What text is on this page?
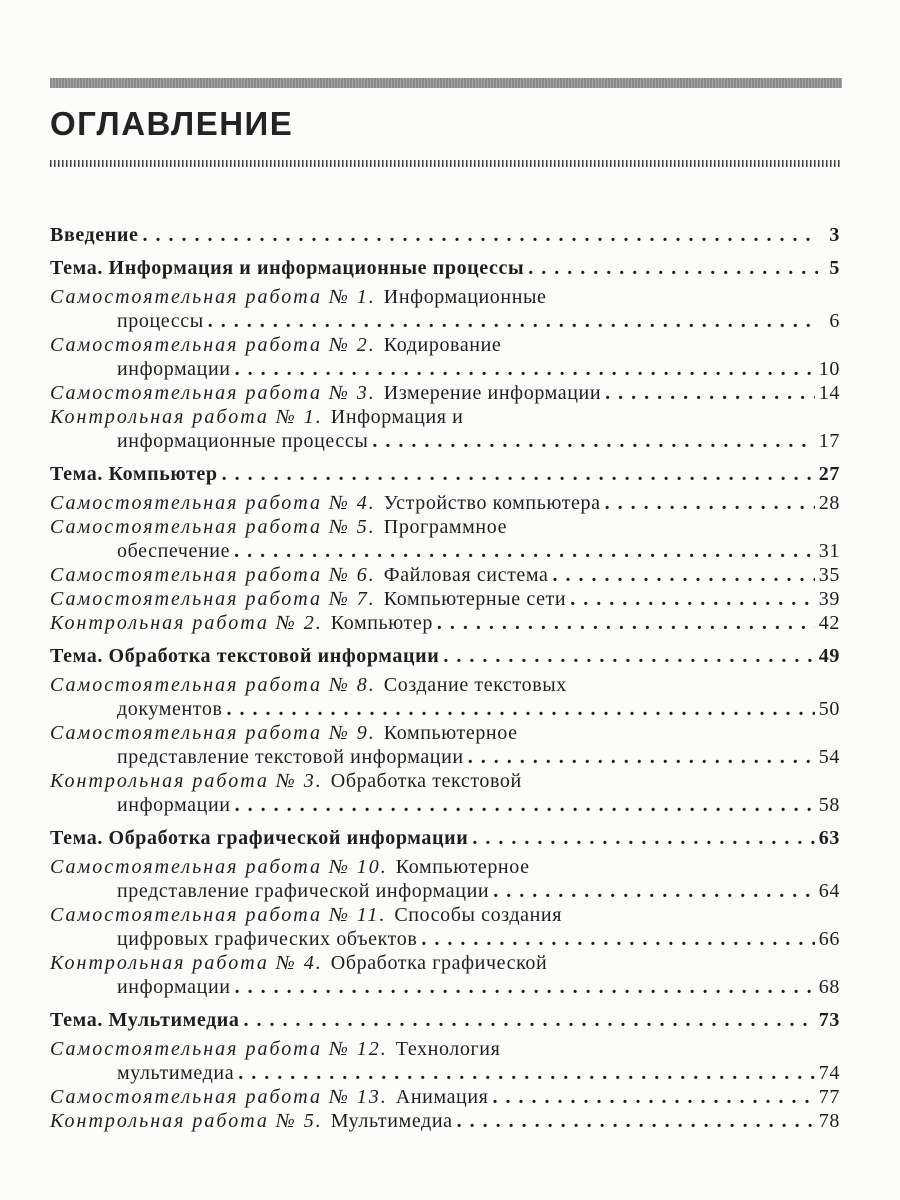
ОГЛАВЛЕНИЕ
Введение . . .	3
Тема. Информация и информационные процессы . . .	5
Самостоятельная работа № 1. Информационные
процессы . . .	6
Самостоятельная работа № 2. Кодирование
информации . . .	10
Самостоятельная работа № 3. Измерение информации . . .	14
Контрольная работа № 1. Информация и
информационные процессы . . .	17
Тема. Компьютер . . .	27
Самостоятельная работа № 4. Устройство компьютера . . .	28
Самостоятельная работа № 5. Программное
обеспечение . . .	31
Самостоятельная работа № 6. Файловая система . . .	35
Самостоятельная работа № 7. Компьютерные сети . . .	39
Контрольная работа № 2. Компьютер . . .	42
Тема. Обработка текстовой информации . . .	49
Самостоятельная работа № 8. Создание текстовых
документов . . .	50
Самостоятельная работа № 9. Компьютерное
представление текстовой информации . . .	54
Контрольная работа № 3. Обработка текстовой
информации . . .	58
Тема. Обработка графической информации . . .	63
Самостоятельная работа № 10. Компьютерное
представление графической информации . . .	64
Самостоятельная работа № 11. Способы создания
цифровых графических объектов . . .	66
Контрольная работа № 4. Обработка графической
информации . . .	68
Тема. Мультимедиа . . .	73
Самостоятельная работа № 12. Технология
мультимедиа . . .	74
Самостоятельная работа № 13. Анимация . . .	77
Контрольная работа № 5. Мультимедиа . . .	78
